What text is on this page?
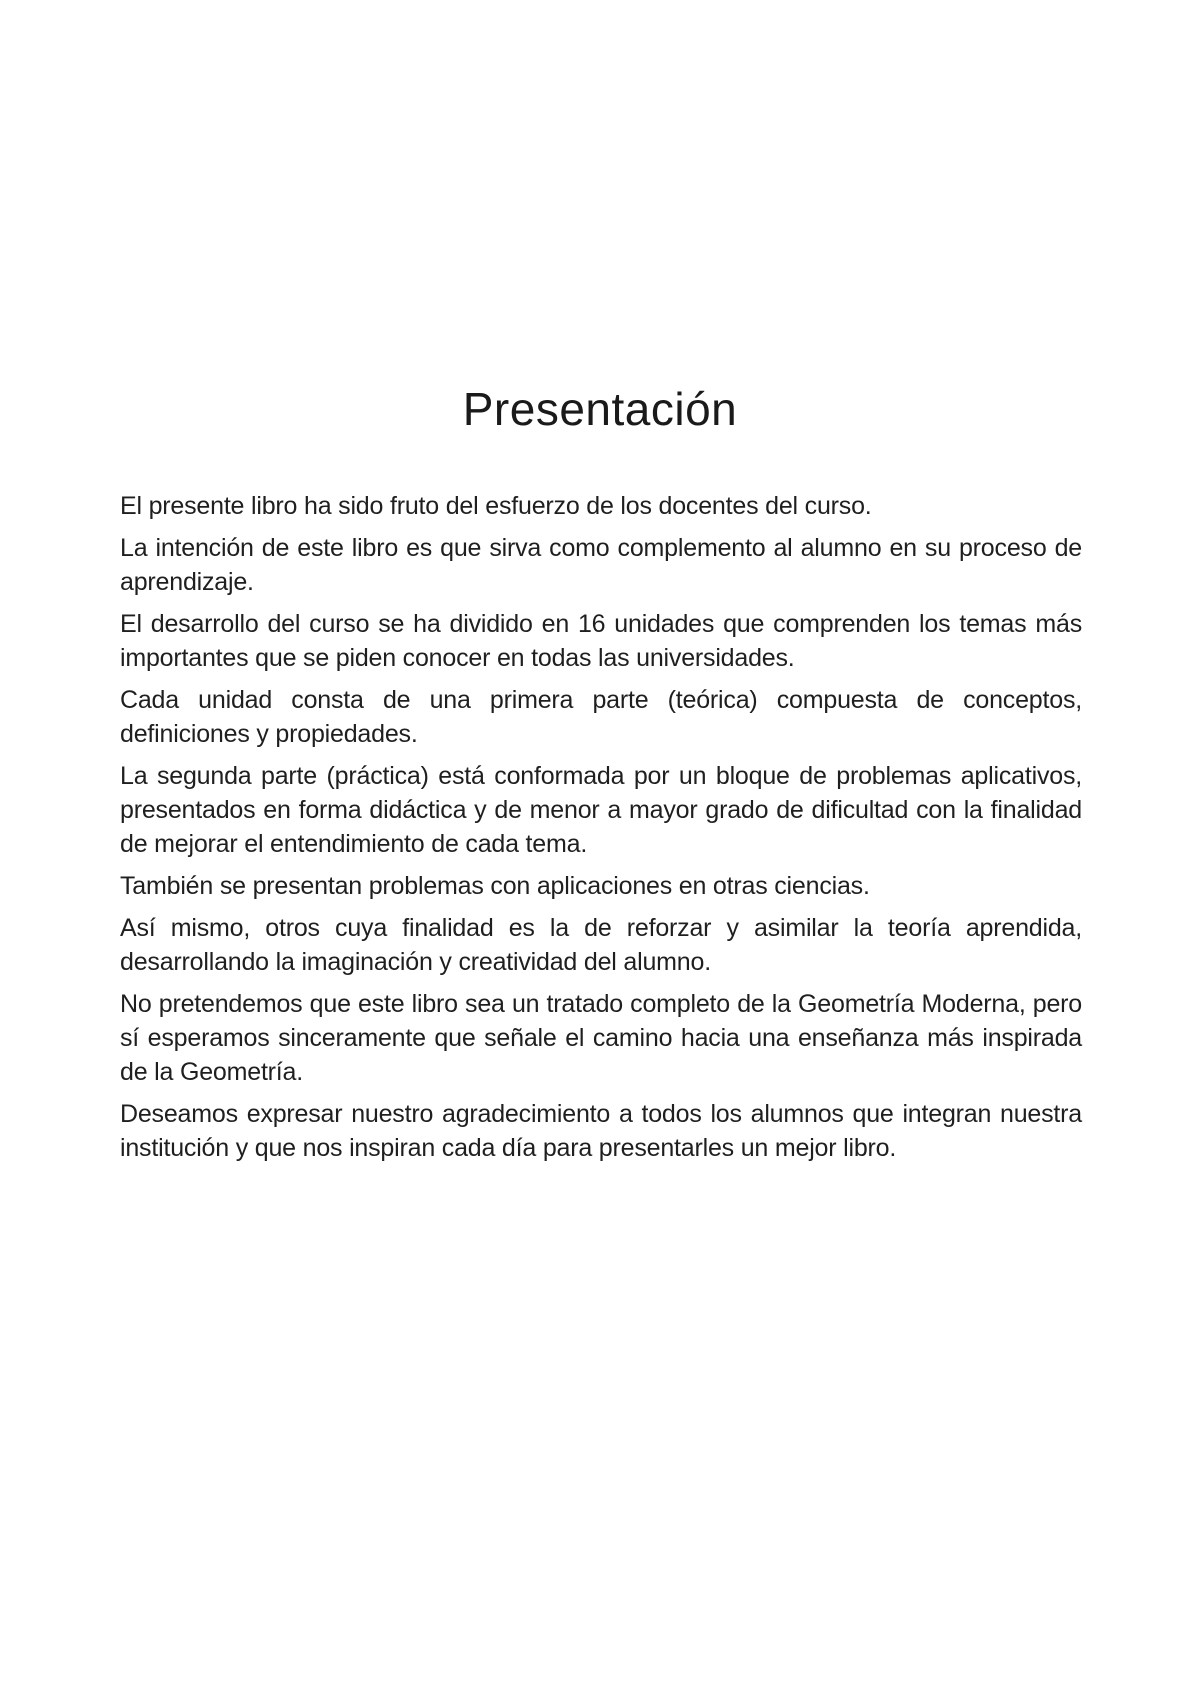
Presentación

El presente libro ha sido fruto del esfuerzo de los docentes del curso.

La intención de este libro es que sirva como complemento al alumno en su proceso de aprendizaje.

El desarrollo del curso se ha dividido en 16 unidades que comprenden los temas más importantes que se piden conocer en todas las universidades.

Cada unidad consta de una primera parte (teórica) compuesta de conceptos, definiciones y propiedades.

La segunda parte (práctica) está conformada por un bloque de problemas aplicativos, presentados en forma didáctica y de menor a mayor grado de dificultad con la finalidad de mejorar el entendimiento de cada tema.

También se presentan problemas con aplicaciones en otras ciencias.

Así mismo, otros cuya finalidad es la de reforzar y asimilar la teoría aprendida, desarrollando la imaginación y creatividad del alumno.

No pretendemos que este libro sea un tratado completo de la Geometría Moderna, pero sí esperamos sinceramente que señale el camino hacia una enseñanza más inspirada de la Geometría.

Deseamos expresar nuestro agradecimiento a todos los alumnos que integran nuestra institución y que nos inspiran cada día para presentarles un mejor libro.
